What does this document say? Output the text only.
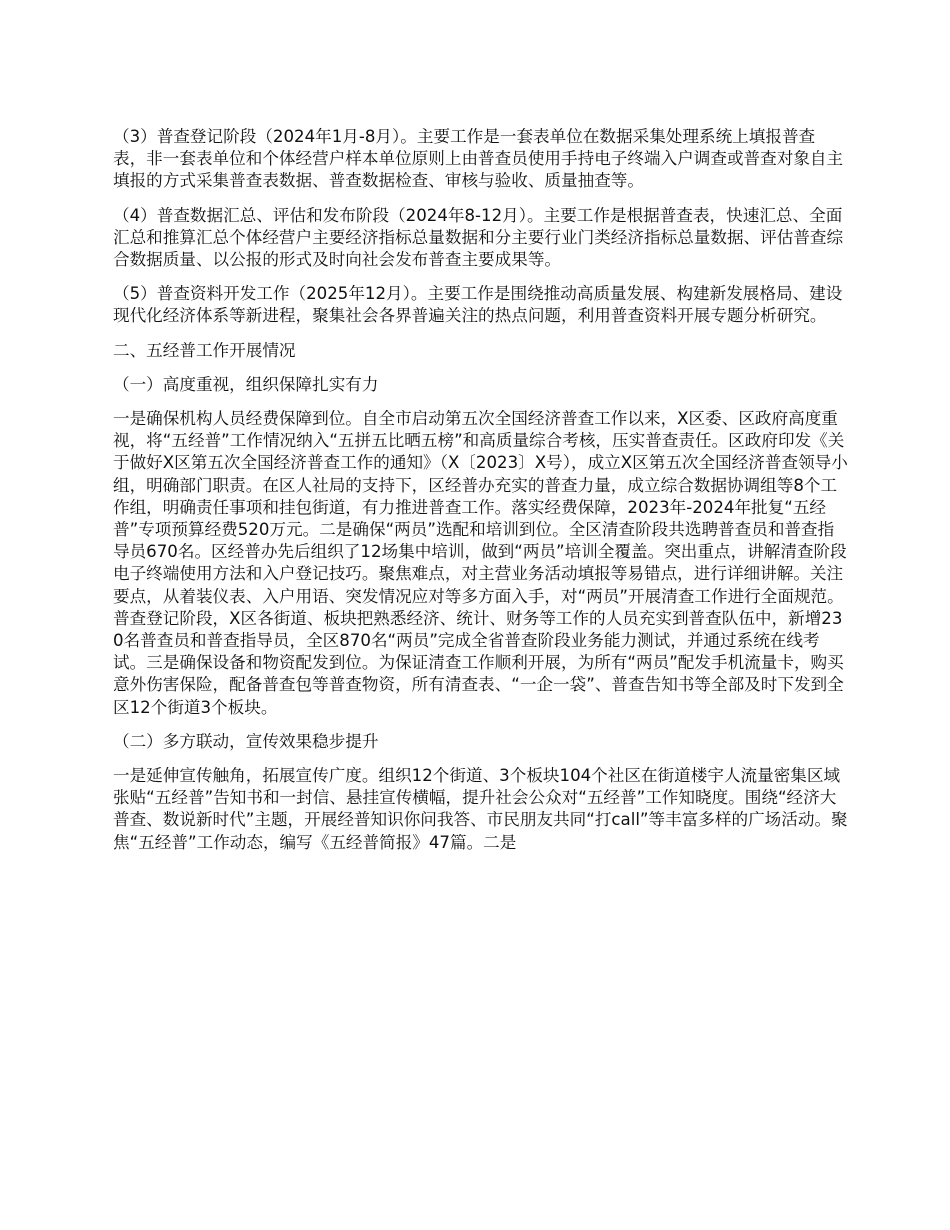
（3）普查登记阶段（2024年1月-8月）。主要工作是一套表单位在数据采集处理系统上填报普查表，非一套表单位和个体经营户样本单位原则上由普查员使用手持电子终端入户调查或普查对象自主填报的方式采集普查表数据、普查数据检查、审核与验收、质量抽查等。

（4）普查数据汇总、评估和发布阶段（2024年8-12月）。主要工作是根据普查表，快速汇总、全面汇总和推算汇总个体经营户主要经济指标总量数据和分主要行业门类经济指标总量数据、评估普查综合数据质量、以公报的形式及时向社会发布普查主要成果等。

（5）普查资料开发工作（2025年12月）。主要工作是围绕推动高质量发展、构建新发展格局、建设现代化经济体系等新进程，聚集社会各界普遍关注的热点问题，利用普查资料开展专题分析研究。

二、五经普工作开展情况

（一）高度重视，组织保障扎实有力

一是确保机构人员经费保障到位。自全市启动第五次全国经济普查工作以来，X区委、区政府高度重视，将“五经普”工作情况纳入“五拼五比晒五榜”和高质量综合考核，压实普查责任。区政府印发《关于做好X区第五次全国经济普查工作的通知》（X〔2023〕X号），成立X区第五次全国经济普查领导小组，明确部门职责。在区人社局的支持下，区经普办充实的普查力量，成立综合数据协调组等8个工作组，明确责任事项和挂包街道，有力推进普查工作。落实经费保障，2023年-2024年批复“五经普”专项预算经费520万元。二是确保“两员”选配和培训到位。全区清查阶段共选聘普查员和普查指导员670名。区经普办先后组织了12场集中培训，做到“两员”培训全覆盖。突出重点，讲解清查阶段电子终端使用方法和入户登记技巧。聚焦难点，对主营业务活动填报等易错点，进行详细讲解。关注要点，从着装仪表、入户用语、突发情况应对等多方面入手，对“两员”开展清查工作进行全面规范。普查登记阶段，X区各街道、板块把熟悉经济、统计、财务等工作的人员充实到普查队伍中，新增230名普查员和普查指导员，全区870名“两员”完成全省普查阶段业务能力测试，并通过系统在线考试。三是确保设备和物资配发到位。为保证清查工作顺利开展，为所有“两员”配发手机流量卡，购买意外伤害保险，配备普查包等普查物资，所有清查表、“一企一袋”、普查告知书等全部及时下发到全区12个街道3个板块。

（二）多方联动，宣传效果稳步提升

一是延伸宣传触角，拓展宣传广度。组织12个街道、3个板块104个社区在街道楼宇人流量密集区域张贴“五经普”告知书和一封信、悬挂宣传横幅，提升社会公众对“五经普”工作知晓度。围绕“经济大普查、数说新时代”主题，开展经普知识你问我答、市民朋友共同“打call”等丰富多样的广场活动。聚焦“五经普”工作动态，编写《五经普简报》47篇。二是
